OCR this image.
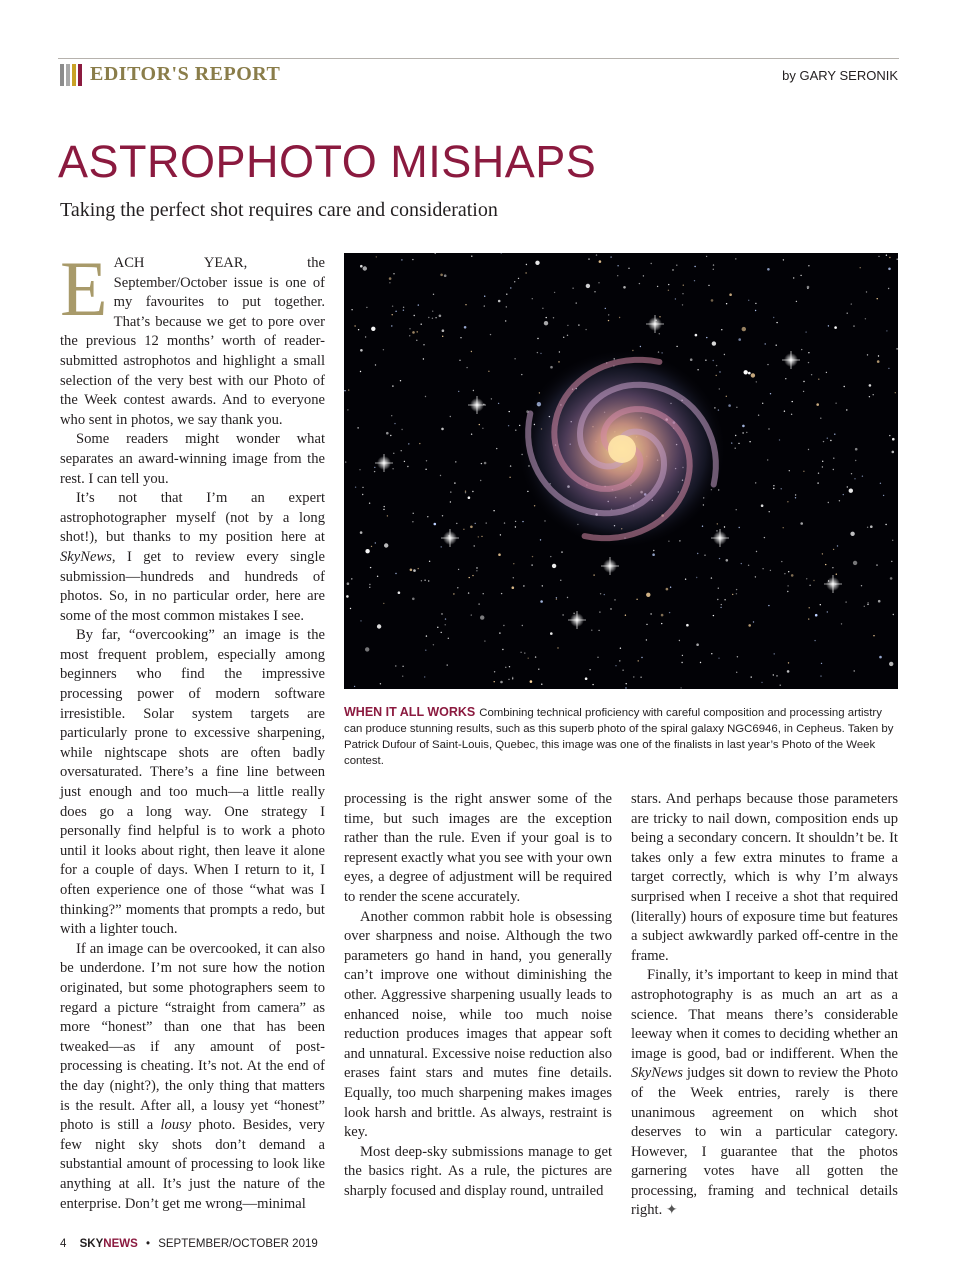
EDITOR'S REPORT	by GARY SERONIK
ASTROPHOTO MISHAPS
Taking the perfect shot requires care and consideration

EACH YEAR, the September/October issue is one of my favourites to put together. That’s because we get to pore over the previous 12 months’ worth of reader-submitted astrophotos and highlight a small selection of the very best with our Photo of the Week contest awards. And to everyone who sent in photos, we say thank you.

Some readers might wonder what separates an award-winning image from the rest. I can tell you.

It’s not that I’m an expert astrophotographer myself (not by a long shot!), but thanks to my position here at SkyNews, I get to review every single submission—hundreds and hundreds of photos. So, in no particular order, here are some of the most common mistakes I see.

By far, “overcooking” an image is the most frequent problem, especially among beginners who find the impressive processing power of modern software irresistible. Solar system targets are particularly prone to excessive sharpening, while nightscape shots are often badly oversaturated. There’s a fine line between just enough and too much—a little really does go a long way. One strategy I personally find helpful is to work a photo until it looks about right, then leave it alone for a couple of days. When I return to it, I often experience one of those “what was I thinking?” moments that prompts a redo, but with a lighter touch.

If an image can be overcooked, it can also be underdone. I’m not sure how the notion originated, but some photographers seem to regard a picture “straight from camera” as more “honest” than one that has been tweaked—as if any amount of post-processing is cheating. It’s not. At the end of the day (night?), the only thing that matters is the result. After all, a lousy yet “honest” photo is still a lousy photo. Besides, very few night sky shots don’t demand a substantial amount of processing to look like anything at all. It’s just the nature of the enterprise. Don’t get me wrong—minimal

WHEN IT ALL WORKS Combining technical proficiency with careful composition and processing artistry can produce stunning results, such as this superb photo of the spiral galaxy NGC6946, in Cepheus. Taken by Patrick Dufour of Saint-Louis, Quebec, this image was one of the finalists in last year’s Photo of the Week contest.

processing is the right answer some of the time, but such images are the exception rather than the rule. Even if your goal is to represent exactly what you see with your own eyes, a degree of adjustment will be required to render the scene accurately.

Another common rabbit hole is obsessing over sharpness and noise. Although the two parameters go hand in hand, you generally can’t improve one without diminishing the other. Aggressive sharpening usually leads to enhanced noise, while too much noise reduction produces images that appear soft and unnatural. Excessive noise reduction also erases faint stars and mutes fine details. Equally, too much sharpening makes images look harsh and brittle. As always, restraint is key.

Most deep-sky submissions manage to get the basics right. As a rule, the pictures are sharply focused and display round, untrailed

stars. And perhaps because those parameters are tricky to nail down, composition ends up being a secondary concern. It shouldn’t be. It takes only a few extra minutes to frame a target correctly, which is why I’m always surprised when I receive a shot that required (literally) hours of exposure time but features a subject awkwardly parked off-centre in the frame.

Finally, it’s important to keep in mind that astrophotography is as much an art as a science. That means there’s considerable leeway when it comes to deciding whether an image is good, bad or indifferent. When the SkyNews judges sit down to review the Photo of the Week entries, rarely is there unanimous agreement on which shot deserves to win a particular category. However, I guarantee that the photos garnering votes have all gotten the processing, framing and technical details right. ✦

4 SKYNEWS • SEPTEMBER/OCTOBER 2019
